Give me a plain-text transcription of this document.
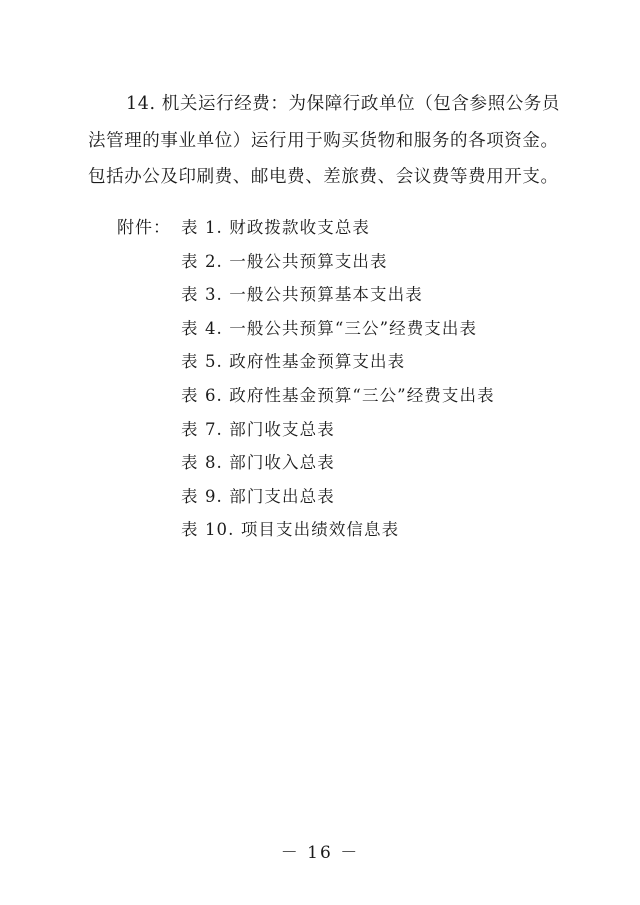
14. 机关运行经费：为保障行政单位（包含参照公务员
法管理的事业单位）运行用于购买货物和服务的各项资金。
包括办公及印刷费、邮电费、差旅费、会议费等费用开支。
附件： 表 1. 财政拨款收支总表
表 2. 一般公共预算支出表
表 3. 一般公共预算基本支出表
表 4. 一般公共预算“三公”经费支出表
表 5. 政府性基金预算支出表
表 6. 政府性基金预算“三公”经费支出表
表 7. 部门收支总表
表 8. 部门收入总表
表 9. 部门支出总表
表 10. 项目支出绩效信息表
－ 16 －
